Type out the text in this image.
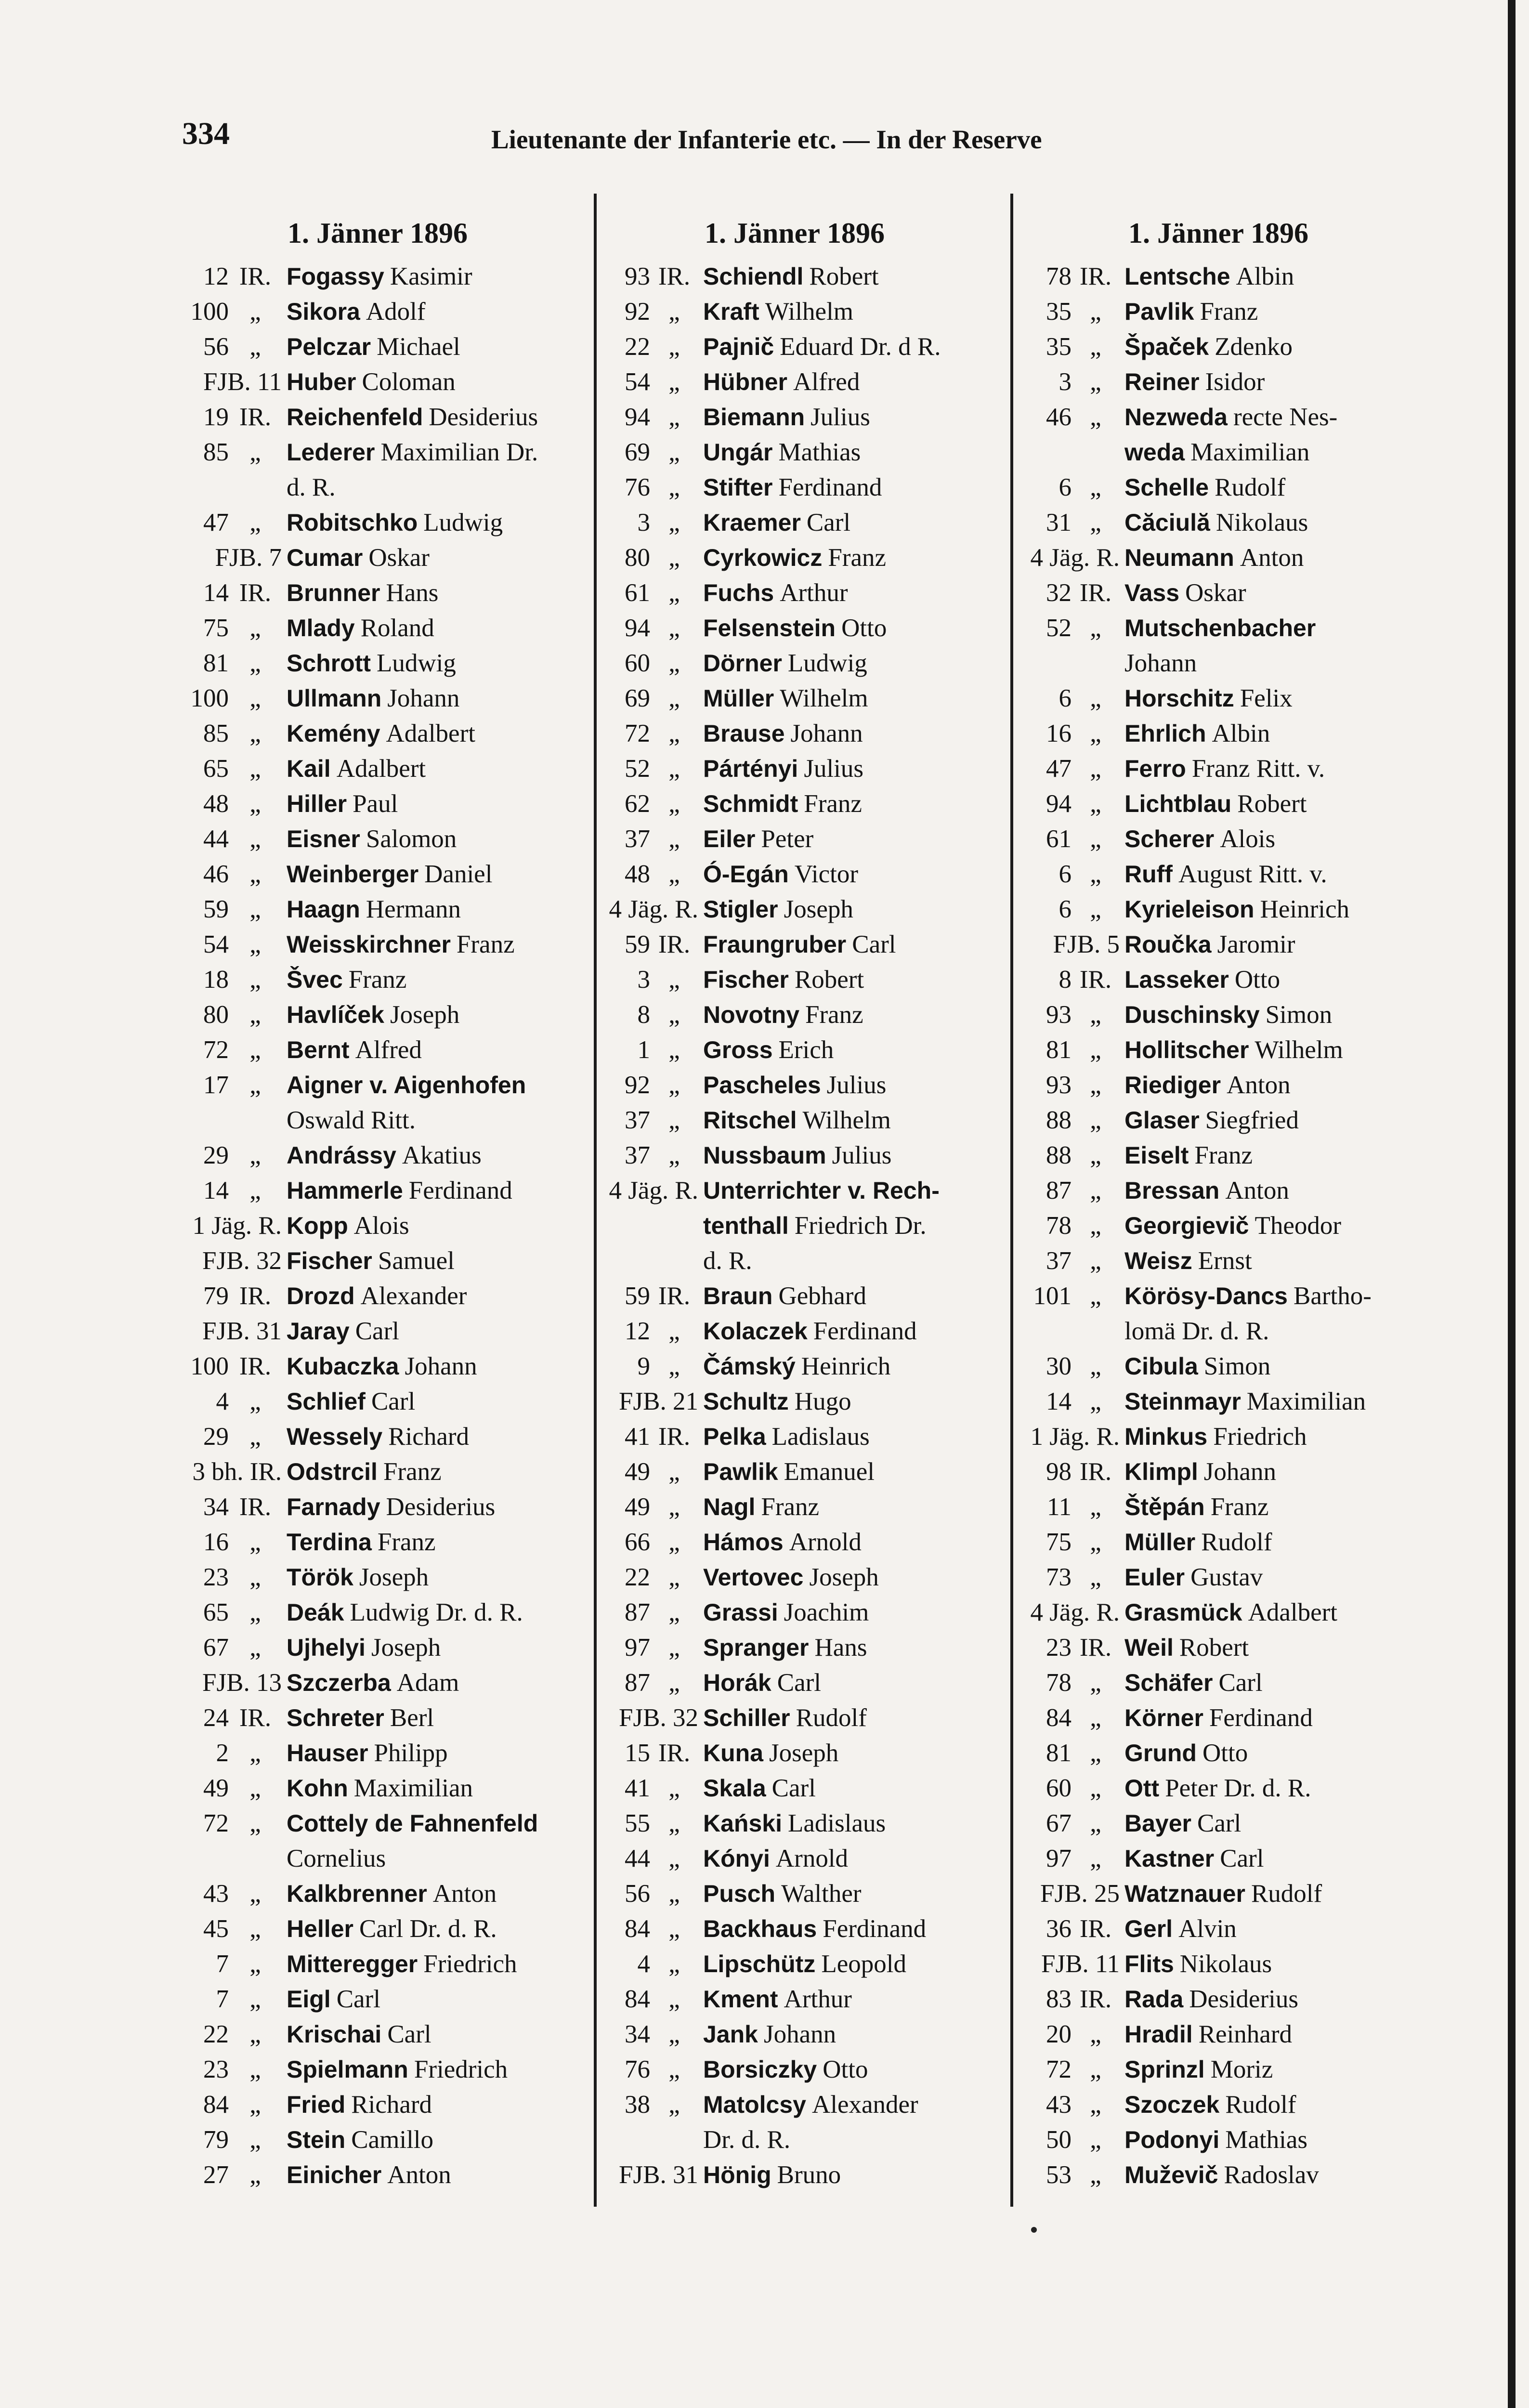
334	Lieutenante der Infanterie etc. — In der Reserve
1. Jänner 1896
12 IR. Fogassy Kasimir
100 „	Sikora Adolf
56 „	Pelczar Michael
FJB. 11 Huber Coloman
19 IR. Reichenfeld Desiderius
85 „	Lederer Maximilian Dr.
d. R.
47 „	Robitschko Ludwig
FJB. 7 Cumar Oskar
14 IR. Brunner Hans
75 „	Mlady Roland
81 „	Schrott Ludwig
100 „	Ullmann Johann
85 „	Kemény Adalbert
65 „	Kail Adalbert
48 „	Hiller Paul
44 „	Eisner Salomon
46 „	Weinberger Daniel
59 „	Haagn Hermann
54 „	Weisskirchner Franz
18 „	Švec Franz
80 „	Havlíček Joseph
72 „	Bernt Alfred
17 „	Aigner v. Aigenhofen
Oswald Ritt.
29 „	Andrássy Akatius
14 „	Hammerle Ferdinand
1 Jäg. R. Kopp Alois
FJB. 32 Fischer Samuel
79 IR. Drozd Alexander
FJB. 31 Jaray Carl
100 IR. Kubaczka Johann
4 „	Schlief Carl
29 „	Wessely Richard
3 bh. IR. Odstrcil Franz
34 IR. Farnady Desiderius
16 „	Terdina Franz
23 „	Török Joseph
65 „	Deák Ludwig Dr. d. R.
67 „	Ujhelyi Joseph
FJB. 13 Szczerba Adam
24 IR. Schreter Berl
2 „	Hauser Philipp
49 „	Kohn Maximilian
72 „	Cottely de Fahnenfeld
Cornelius
43 „	Kalkbrenner Anton
45 „	Heller Carl Dr. d. R.
7 „	Mitteregger Friedrich
7 „	Eigl Carl
22 „	Krischai Carl
23 „	Spielmann Friedrich
84 „	Fried Richard
79 „	Stein Camillo
27 „	Einicher Anton
1. Jänner 1896
93 IR. Schiendl Robert
92 „ Kraft Wilhelm
22 „ Pajnič Eduard Dr. d R.
54 „ Hübner Alfred
94 „ Biemann Julius
69 „ Ungár Mathias
76 „ Stifter Ferdinand
3 „ Kraemer Carl
80 „ Cyrkowicz Franz
61 „ Fuchs Arthur
94 „ Felsenstein Otto
60 „ Dörner Ludwig
69 „ Müller Wilhelm
72 „ Brause Johann
52 „ Pártényi Julius
62 „ Schmidt Franz
37 „ Eiler Peter
48 „ Ó-Egán Victor
4 Jäg. R. Stigler Joseph
59 IR. Fraungruber Carl
3 „ Fischer Robert
8 „ Novotny Franz
1 „ Gross Erich
92 „ Pascheles Julius
37 „ Ritschel Wilhelm
37 „ Nussbaum Julius
4 Jäg. R. Unterrichter v. Rech-
tenthall Friedrich Dr.
d. R.
59 IR. Braun Gebhard
12 „ Kolaczek Ferdinand
9 „ Čámský Heinrich
FJB. 21 Schultz Hugo
41 IR. Pelka Ladislaus
49 „ Pawlik Emanuel
49 „ Nagl Franz
66 „ Hámos Arnold
22 „ Vertovec Joseph
87 „ Grassi Joachim
97 „ Spranger Hans
87 „ Horák Carl
FJB. 32 Schiller Rudolf
15 IR. Kuna Joseph
41 „ Skala Carl
55 „ Kański Ladislaus
44 „ Kónyi Arnold
56 „ Pusch Walther
84 „ Backhaus Ferdinand
4 „ Lipschütz Leopold
84 „ Kment Arthur
34 „ Jank Johann
76 „ Borsiczky Otto
38 „ Matolcsy Alexander
Dr. d. R.
FJB. 31 Hönig Bruno
1. Jänner 1896
78 IR. Lentsche Albin
35 „ Pavlik Franz
35 „ Špaček Zdenko
3 „ Reiner Isidor
46 „ Nezweda recte Nes-
weda Maximilian
6 „ Schelle Rudolf
31 „ Căciulă Nikolaus
4 Jäg. R. Neumann Anton
32 IR. Vass Oskar
52 „ Mutschenbacher
Johann
6 „ Horschitz Felix
16 „ Ehrlich Albin
47 „ Ferro Franz Ritt. v.
94 „ Lichtblau Robert
61 „ Scherer Alois
6 „ Ruff August Ritt. v.
6 „ Kyrieleison Heinrich
FJB. 5 Roučka Jaromir
8 IR. Lasseker Otto
93 „ Duschinsky Simon
81 „ Hollitscher Wilhelm
93 „ Riediger Anton
88 „ Glaser Siegfried
88 „ Eiselt Franz
87 „ Bressan Anton
78 „ Georgievič Theodor
37 „ Weisz Ernst
101 „ Körösy-Dancs Bartho-
lomä Dr. d. R.
30 „ Cibula Simon
14 „ Steinmayr Maximilian
1 Jäg. R. Minkus Friedrich
98 IR. Klimpl Johann
11 „ Štěpán Franz
75 „ Müller Rudolf
73 „ Euler Gustav
4 Jäg. R. Grasmück Adalbert
23 IR. Weil Robert
78 „ Schäfer Carl
84 „ Körner Ferdinand
81 „ Grund Otto
60 „ Ott Peter Dr. d. R.
67 „ Bayer Carl
97 „ Kastner Carl
FJB. 25 Watznauer Rudolf
36 IR. Gerl Alvin
FJB. 11 Flits Nikolaus
83 IR. Rada Desiderius
20 „ Hradil Reinhard
72 „ Sprinzl Moriz
43 „ Szoczek Rudolf
50 „ Podonyi Mathias
53 „ Muževič Radoslav
